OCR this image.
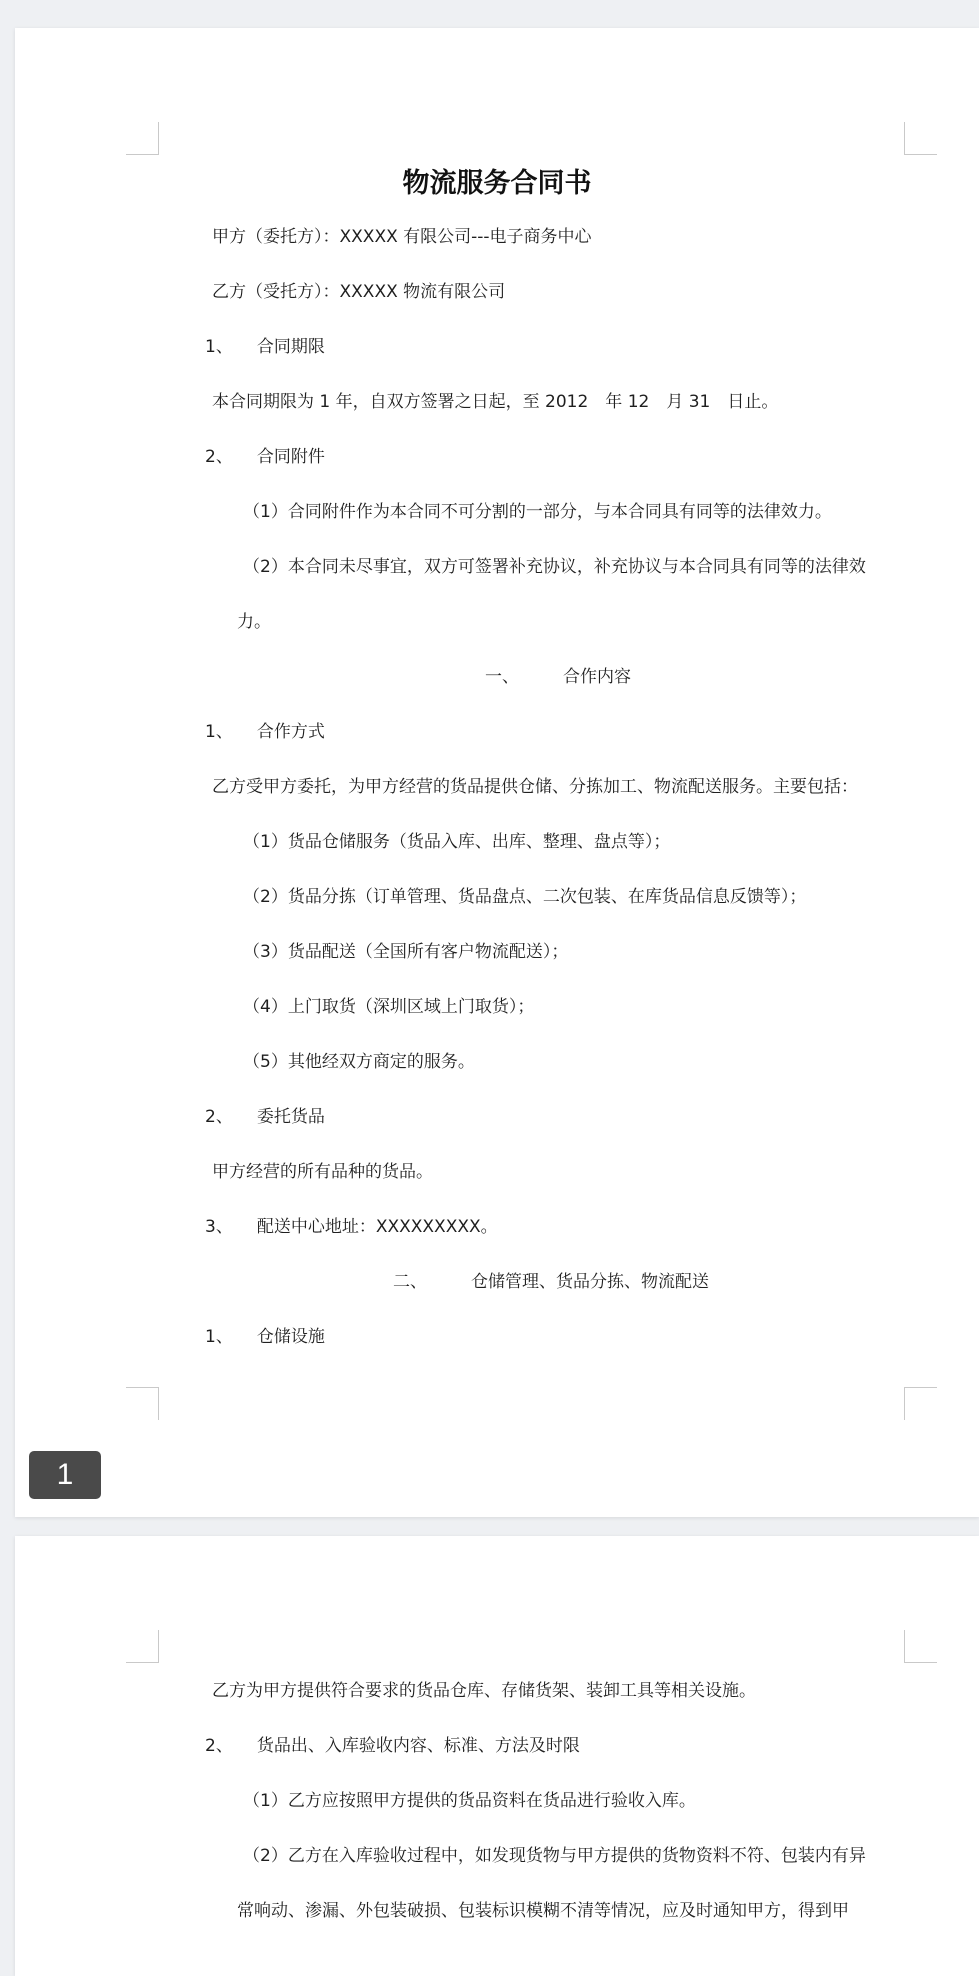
物流服务合同书
甲方（委托方）：XXXXX 有限公司---电子商务中心
乙方（受托方）：XXXXX 物流有限公司
1、 合同期限
本合同期限为 1 年，自双方签署之日起，至 2012　年 12　月 31　日止。
2、 合同附件
（1）合同附件作为本合同不可分割的一部分，与本合同具有同等的法律效力。
（2）本合同未尽事宜，双方可签署补充协议，补充协议与本合同具有同等的法律效
力。
一、	合作内容
1、 合作方式
乙方受甲方委托，为甲方经营的货品提供仓储、分拣加工、物流配送服务。主要包括：
（1）货品仓储服务（货品入库、出库、整理、盘点等）；
（2）货品分拣（订单管理、货品盘点、二次包装、在库货品信息反馈等）；
（3）货品配送（全国所有客户物流配送）；
（4）上门取货（深圳区域上门取货）；
（5）其他经双方商定的服务。
2、 委托货品
甲方经营的所有品种的货品。
3、 配送中心地址：XXXXXXXXX。
二、	仓储管理、货品分拣、物流配送
1、 仓储设施
1
乙方为甲方提供符合要求的货品仓库、存储货架、装卸工具等相关设施。
2、 货品出、入库验收内容、标准、方法及时限
（1）乙方应按照甲方提供的货品资料在货品进行验收入库。
（2）乙方在入库验收过程中，如发现货物与甲方提供的货物资料不符、包装内有异
常响动、渗漏、外包装破损、包装标识模糊不清等情况，应及时通知甲方，得到甲
